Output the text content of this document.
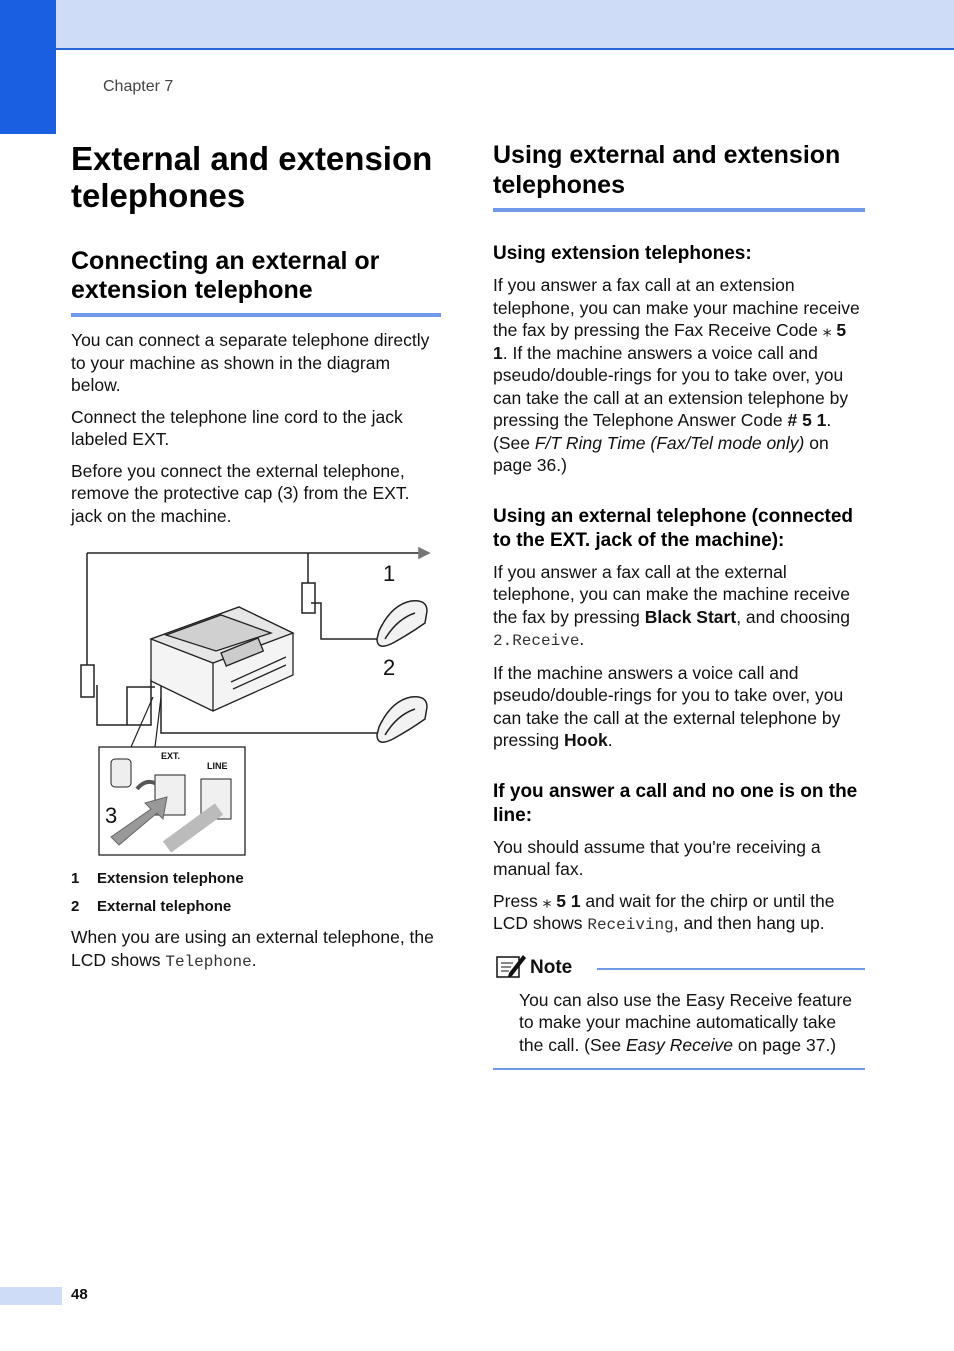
Chapter 7
External and extension telephones
Connecting an external or extension telephone

You can connect a separate telephone directly to your machine as shown in the diagram below.

Connect the telephone line cord to the jack labeled EXT.

Before you connect the external telephone, remove the protective cap (3) from the EXT. jack on the machine.

1
2
EXT.
LINE
3
1 Extension telephone
2 External telephone

When you are using an external telephone, the LCD shows Telephone.

Using external and extension telephones
Using extension telephones:

If you answer a fax call at an extension telephone, you can make your machine receive the fax by pressing the Fax Receive Code ⁎ 5 1. If the machine answers a voice call and pseudo/double-rings for you to take over, you can take the call at an extension telephone by pressing the Telephone Answer Code # 5 1. (See F/T Ring Time (Fax/Tel mode only) on page 36.)

Using an external telephone (connected to the EXT. jack of the machine):

If you answer a fax call at the external telephone, you can make the machine receive the fax by pressing Black Start, and choosing 2.Receive.

If the machine answers a voice call and pseudo/double-rings for you to take over, you can take the call at the external telephone by pressing Hook.

If you answer a call and no one is on the line:

You should assume that you're receiving a manual fax.

Press ⁎ 5 1 and wait for the chirp or until the LCD shows Receiving, and then hang up.

Note

You can also use the Easy Receive feature to make your machine automatically take the call. (See Easy Receive on page 37.)

48
